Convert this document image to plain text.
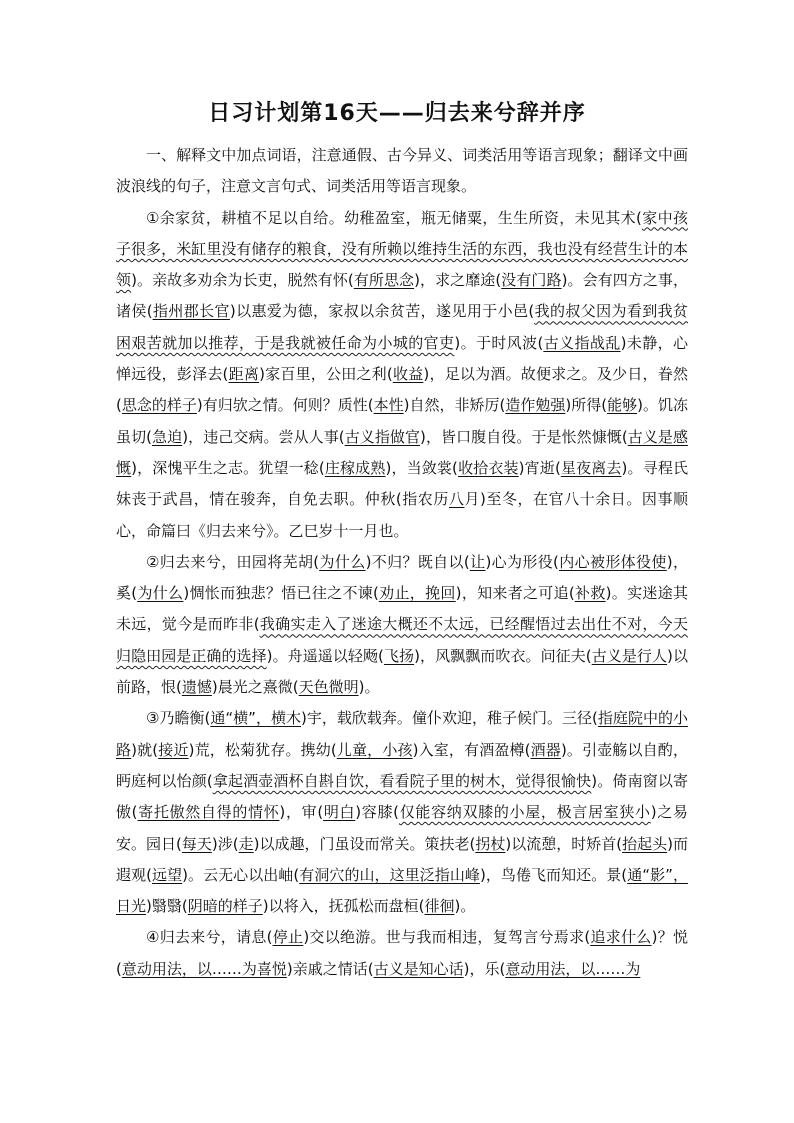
日习计划第16天——归去来兮辞并序

一、解释文中加点词语，注意通假、古今异义、词类活用等语言现象；翻译文中画波浪线的句子，注意文言句式、词类活用等语言现象。

①余家贫，耕植不足以自给。幼稚盈室，瓶无储粟，生生所资，未见其术(家中孩子很多，米缸里没有储存的粮食，没有所赖以维持生活的东西，我也没有经营生计的本领)。亲故多劝余为长吏，脱然有怀(有所思念)，求之靡途(没有门路)。会有四方之事，诸侯(指州郡长官)以惠爱为德，家叔以余贫苦，遂见用于小邑(我的叔父因为看到我贫困艰苦就加以推荐，于是我就被任命为小城的官吏)。于时风波(古义指战乱)未静，心惮远役，彭泽去(距离)家百里，公田之利(收益)，足以为酒。故便求之。及少日，眷然(思念的样子)有归欤之情。何则？质性(本性)自然，非矫厉(造作勉强)所得(能够)。饥冻虽切(急迫)，违己交病。尝从人事(古义指做官)，皆口腹自役。于是怅然慷慨(古义是感慨)，深愧平生之志。犹望一稔(庄稼成熟)，当敛裳(收拾衣装)宵逝(星夜离去)。寻程氏妹丧于武昌，情在骏奔，自免去职。仲秋(指农历八月)至冬，在官八十余日。因事顺心，命篇曰《归去来兮》。乙巳岁十一月也。

②归去来兮，田园将芜胡(为什么)不归？既自以(让)心为形役(内心被形体役使)，奚(为什么)惆怅而独悲？悟已往之不谏(劝止，挽回)，知来者之可追(补救)。实迷途其未远，觉今是而昨非(我确实走入了迷途大概还不太远，已经醒悟过去出仕不对，今天归隐田园是正确的选择)。舟遥遥以轻飏(飞扬)，风飘飘而吹衣。问征夫(古义是行人)以前路，恨(遗憾)晨光之熹微(天色微明)。

③乃瞻衡(通“横”，横木)宇，载欣载奔。僮仆欢迎，稚子候门。三径(指庭院中的小路)就(接近)荒，松菊犹存。携幼(儿童，小孩)入室，有酒盈樽(酒器)。引壶觞以自酌，眄庭柯以怡颜(拿起酒壶酒杯自斟自饮，看看院子里的树木，觉得很愉快)。倚南窗以寄傲(寄托傲然自得的情怀)，审(明白)容膝(仅能容纳双膝的小屋，极言居室狭小)之易安。园日(每天)涉(走)以成趣，门虽设而常关。策扶老(拐杖)以流憩，时矫首(抬起头)而遐观(远望)。云无心以出岫(有洞穴的山，这里泛指山峰)，鸟倦飞而知还。景(通“影”，日光)翳翳(阴暗的样子)以将入，抚孤松而盘桓(徘徊)。

④归去来兮，请息(停止)交以绝游。世与我而相违，复驾言兮焉求(追求什么)？悦(意动用法，以……为喜悦)亲戚之情话(古义是知心话)，乐(意动用法，以……为
